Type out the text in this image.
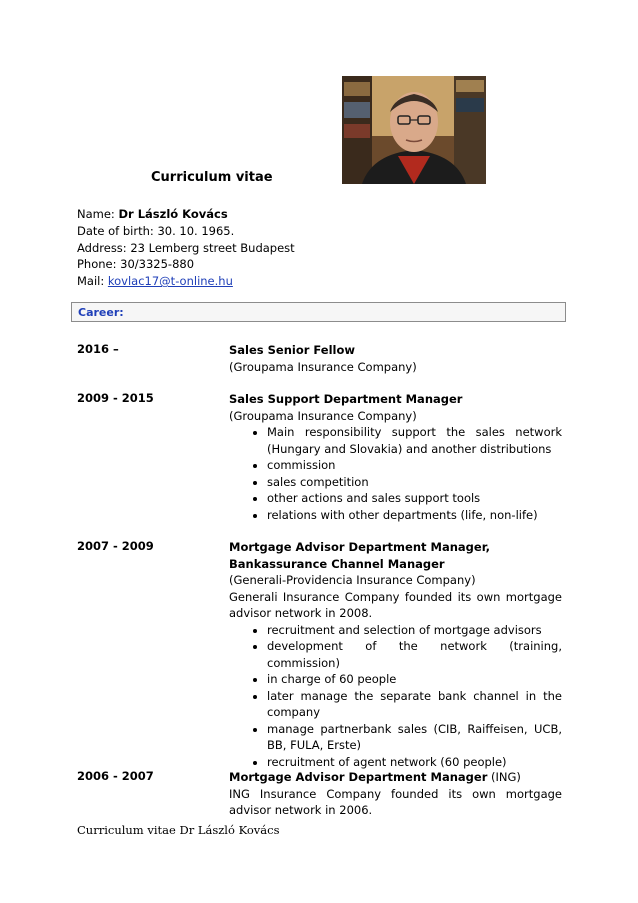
Curriculum vitae
Name: Dr László Kovács
Date of birth: 30. 10. 1965.
Address: 23 Lemberg street Budapest
Phone: 30/3325-880
Mail: kovlac17@t-online.hu
Career:
2016 –	Sales Senior Fellow
(Groupama Insurance Company)
2009 - 2015	Sales Support Department Manager
(Groupama Insurance Company)
• Main responsibility support the sales network (Hungary and Slovakia) and another distributions
• commission
• sales competition
• other actions and sales support tools
• relations with other departments (life, non-life)
2007 - 2009	Mortgage Advisor Department Manager,
Bankassurance Channel Manager
(Generali-Providencia Insurance Company)

Generali Insurance Company founded its own mortgage advisor network in 2008.

• recruitment and selection of mortgage advisors
• development of the network (training, commission)
• in charge of 60 people
• later manage the separate bank channel in the company
• manage partnerbank sales (CIB, Raiffeisen, UCB, BB, FULA, Erste)
• recruitment of agent network (60 people)
2006 - 2007	Mortgage Advisor Department Manager (ING)

ING Insurance Company founded its own mortgage advisor network in 2006.

Curriculum vitae Dr László Kovács
